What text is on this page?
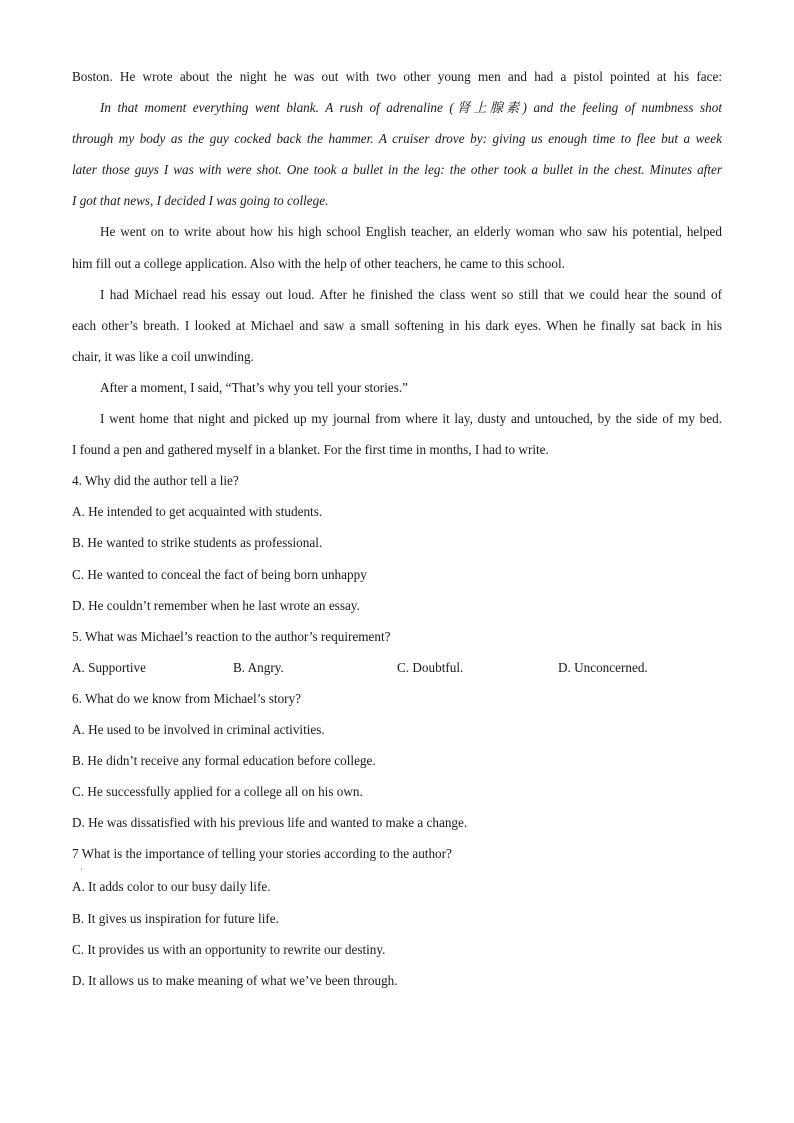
Boston. He wrote about the night he was out with two other young men and had a pistol pointed at his face:

In that moment everything went blank. A rush of adrenaline (肾上腺素) and the feeling of numbness shot

through my body as the guy cocked back the hammer. A cruiser drove by: giving us enough time to flee but a week

later those guys I was with were shot. One took a bullet in the leg: the other took a bullet in the chest. Minutes after

I got that news, I decided I was going to college.

He went on to write about how his high school English teacher, an elderly woman who saw his potential, helped

him fill out a college application. Also with the help of other teachers, he came to this school.

I had Michael read his essay out loud. After he finished the class went so still that we could hear the sound of

each other’s breath. I looked at Michael and saw a small softening in his dark eyes. When he finally sat back in his

chair, it was like a coil unwinding.

After a moment, I said, “That’s why you tell your stories.”

I went home that night and picked up my journal from where it lay, dusty and untouched, by the side of my bed.

I found a pen and gathered myself in a blanket. For the first time in months, I had to write.

4. Why did the author tell a lie?

A. He intended to get acquainted with students.

B. He wanted to strike students as professional.

C. He wanted to conceal the fact of being born unhappy

D. He couldn’t remember when he last wrote an essay.

5. What was Michael’s reaction to the author’s requirement?

A. Supportive	B. Angry.	C. Doubtful.	D. Unconcerned.

6. What do we know from Michael’s story?

A. He used to be involved in criminal activities.

B. He didn’t receive any formal education before college.

C. He successfully applied for a college all on his own.

D. He was dissatisfied with his previous life and wanted to make a change.

7 What is the importance of telling your stories according to the author?

A. It adds color to our busy daily life.

B. It gives us inspiration for future life.

C. It provides us with an opportunity to rewrite our destiny.

D. It allows us to make meaning of what we’ve been through.

·
